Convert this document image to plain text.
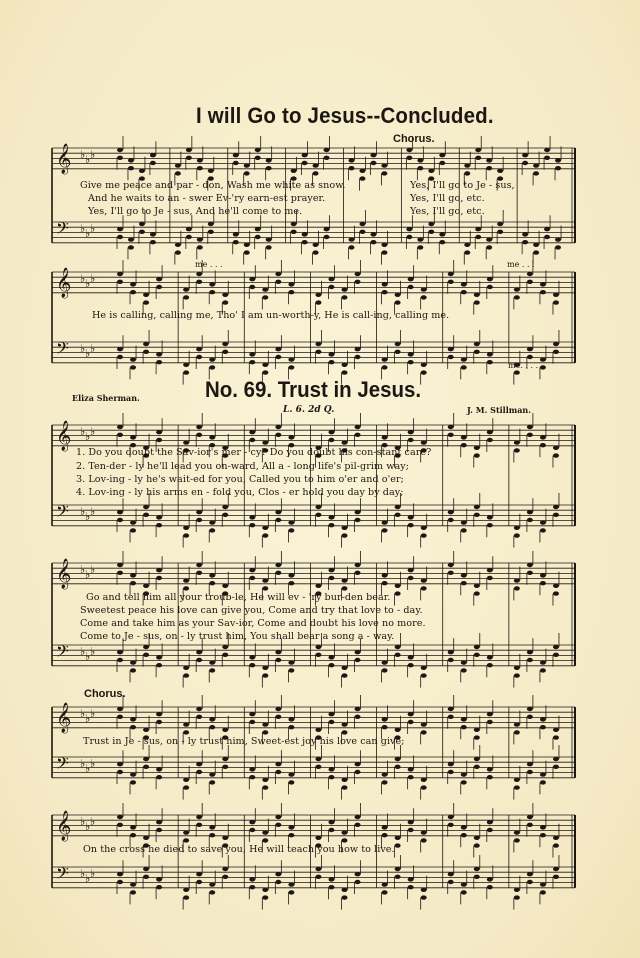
𝄞 ♭ ♭ ♭
𝄢 ♭ ♭ ♭
𝄞 ♭ ♭ ♭
𝄢 ♭ ♭ ♭
𝄞 ♭ ♭ ♭
𝄢 ♭ ♭ ♭
𝄞 ♭ ♭ ♭
𝄢 ♭ ♭ ♭
𝄞 ♭ ♭ ♭
𝄢 ♭ ♭ ♭
𝄞 ♭ ♭ ♭
𝄢 ♭ ♭ ♭
I will Go to Jesus--Concluded.
Chorus.
Give me peace and par - don, Wash me white as snow.
And he waits to an - swer Ev-'ry earn-est prayer.
Yes, I'll go to Je - sus, And he'll come to me.
Yes, I'll go to Je - sus,
Yes, I'll go, etc.
Yes, I'll go, etc.
me . . .	me . . .
He is calling, calling me, Tho' I am un-worth-y, He is call-ing, calling me.
me. . . .
Eliza Sherman.	No. 69. Trust in Jesus.
J. M. Stillman.
L. 6. 2d Q.
1. Do you doubt the Sav-ior's mer - cy? Do you doubt his con-stant care?
2. Ten-der - ly he'll lead you on-ward, All a - long life's pil-grim way;
3. Lov-ing - ly he's wait-ed for you, Called you to him o'er and o'er;
4. Lov-ing - ly his arms en - fold you, Clos - er hold you day by day;
Go and tell him all your troub-le, He will ev - 'ry bur-den bear.
Sweetest peace his love can give you, Come and try that love to - day.
Come and take him as your Sav-ior, Come and doubt his love no more.
Come to Je - sus, on - ly trust him, You shall bear a song a - way.
Chorus.
Trust in Je - sus, on - ly trust him, Sweet-est joy his love can give;
On the cross he died to save you, He will teach you how to live.
